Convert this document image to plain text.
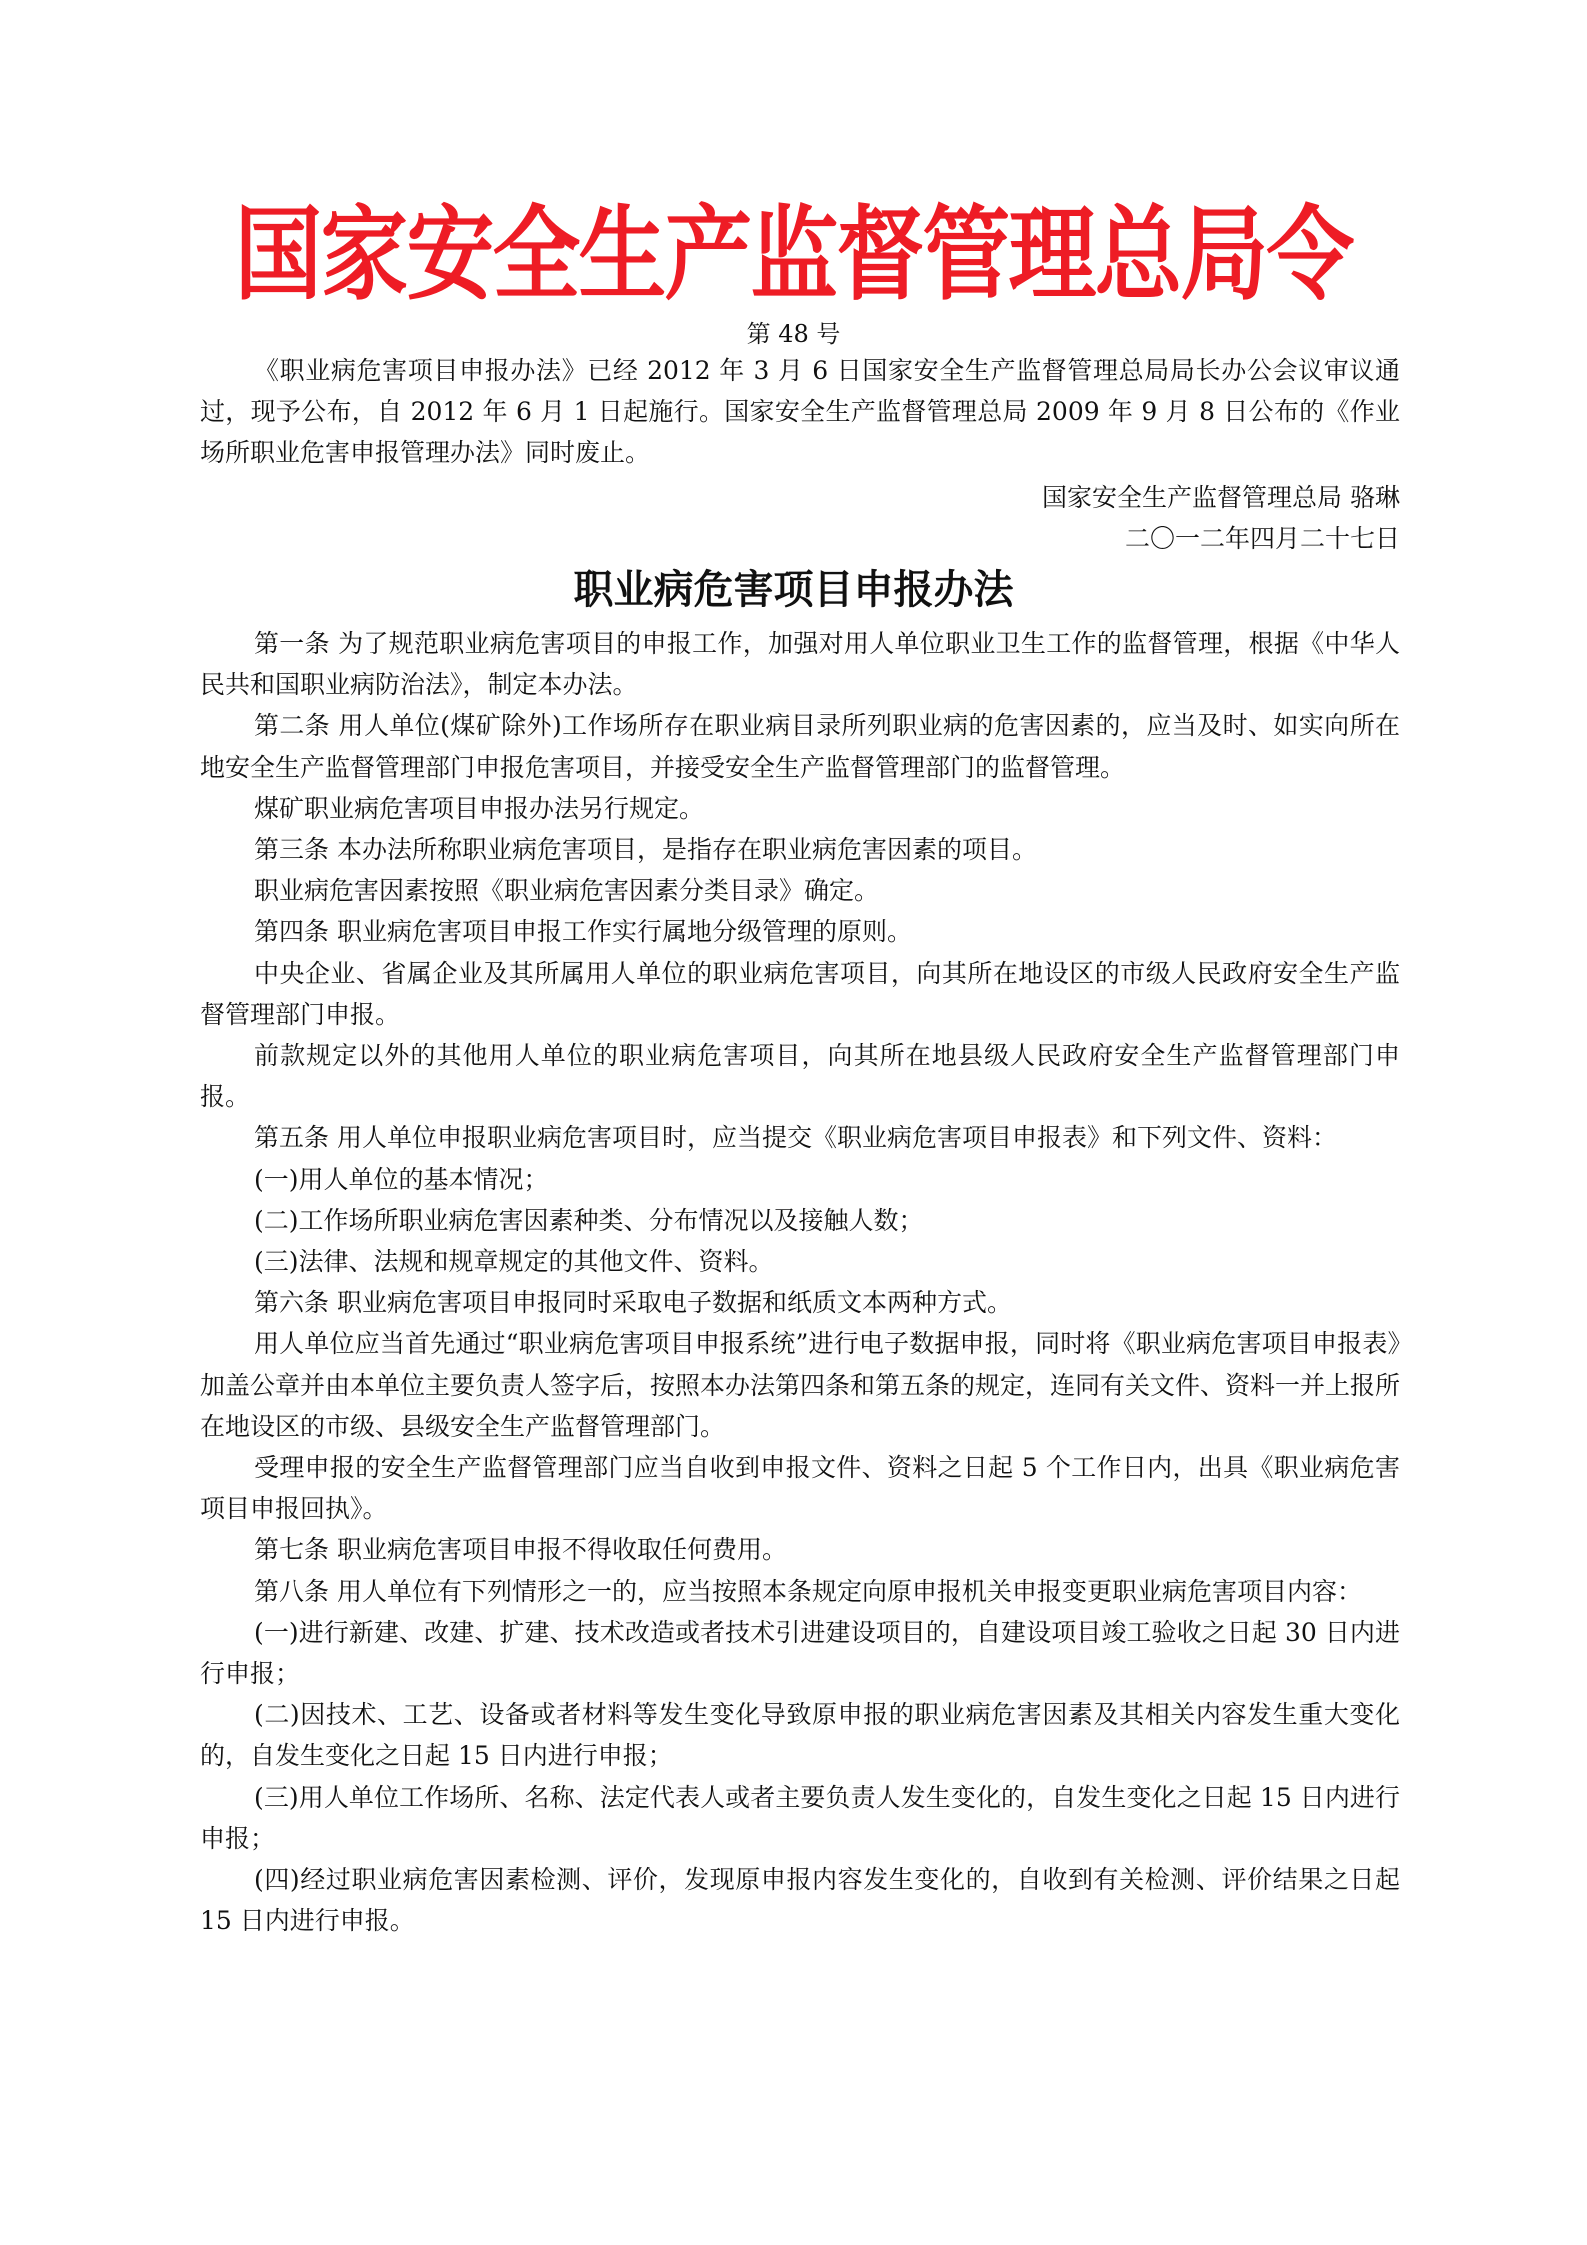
国家安全生产监督管理总局令
第 48 号

《职业病危害项目申报办法》已经 2012 年 3 月 6 日国家安全生产监督管理总局局长办公会议审议通过，现予公布，自 2012 年 6 月 1 日起施行。国家安全生产监督管理总局 2009 年 9 月 8 日公布的《作业场所职业危害申报管理办法》同时废止。

国家安全生产监督管理总局 骆琳

二〇一二年四月二十七日

职业病危害项目申报办法

第一条 为了规范职业病危害项目的申报工作，加强对用人单位职业卫生工作的监督管理，根据《中华人民共和国职业病防治法》，制定本办法。

第二条 用人单位(煤矿除外)工作场所存在职业病目录所列职业病的危害因素的，应当及时、如实向所在地安全生产监督管理部门申报危害项目，并接受安全生产监督管理部门的监督管理。

煤矿职业病危害项目申报办法另行规定。

第三条 本办法所称职业病危害项目，是指存在职业病危害因素的项目。

职业病危害因素按照《职业病危害因素分类目录》确定。

第四条 职业病危害项目申报工作实行属地分级管理的原则。

中央企业、省属企业及其所属用人单位的职业病危害项目，向其所在地设区的市级人民政府安全生产监督管理部门申报。

前款规定以外的其他用人单位的职业病危害项目，向其所在地县级人民政府安全生产监督管理部门申报。

第五条 用人单位申报职业病危害项目时，应当提交《职业病危害项目申报表》和下列文件、资料：

(一)用人单位的基本情况；

(二)工作场所职业病危害因素种类、分布情况以及接触人数；

(三)法律、法规和规章规定的其他文件、资料。

第六条 职业病危害项目申报同时采取电子数据和纸质文本两种方式。

用人单位应当首先通过“职业病危害项目申报系统”进行电子数据申报，同时将《职业病危害项目申报表》加盖公章并由本单位主要负责人签字后，按照本办法第四条和第五条的规定，连同有关文件、资料一并上报所在地设区的市级、县级安全生产监督管理部门。

受理申报的安全生产监督管理部门应当自收到申报文件、资料之日起 5 个工作日内，出具《职业病危害项目申报回执》。

第七条 职业病危害项目申报不得收取任何费用。

第八条 用人单位有下列情形之一的，应当按照本条规定向原申报机关申报变更职业病危害项目内容：

(一)进行新建、改建、扩建、技术改造或者技术引进建设项目的，自建设项目竣工验收之日起 30 日内进行申报；

(二)因技术、工艺、设备或者材料等发生变化导致原申报的职业病危害因素及其相关内容发生重大变化的，自发生变化之日起 15 日内进行申报；

(三)用人单位工作场所、名称、法定代表人或者主要负责人发生变化的，自发生变化之日起 15 日内进行申报；

(四)经过职业病危害因素检测、评价，发现原申报内容发生变化的，自收到有关检测、评价结果之日起 15 日内进行申报。
